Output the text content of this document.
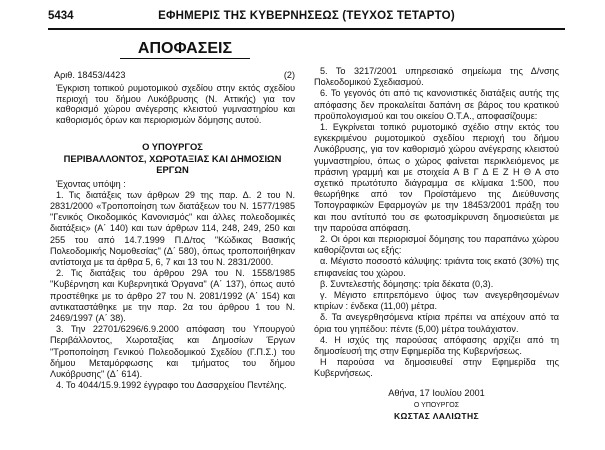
5434	ΕΦΗΜΕΡΙΣ ΤΗΣ ΚΥΒΕΡΝΗΣΕΩΣ (ΤΕΥΧΟΣ ΤΕΤΑΡΤΟ)
ΑΠΟΦΑΣΕΙΣ
Αριθ. 18453/4423	(2)
Έγκριση τοπικού ρυμοτομικού σχεδίου στην εκτός σχεδίου περιοχή του δήμου Λυκόβρυσης (Ν. Αττικής) για τον καθορισμό χώρου ανέγερσης κλειστού γυμναστηρίου και καθορισμός όρων και περιορισμών δόμησης αυτού.
Ο ΥΠΟΥΡΓΟΣ
ΠΕΡΙΒΑΛΛΟΝΤΟΣ, ΧΩΡΟΤΑΞΙΑΣ ΚΑΙ ΔΗΜΟΣΙΩΝ ΕΡΓΩΝ

Έχοντας υπόψη :

1. Τις διατάξεις των άρθρων 29 της παρ. Δ. 2 του Ν. 2831/2000 «Τροποποίηση των διατάξεων του Ν. 1577/1985 "Γενικός Οικοδομικός Κανονισμός" και άλλες πολεοδομικές διατάξεις» (Α΄ 140) και των άρθρων 114, 248, 249, 250 και 255 του από 14.7.1999 Π.Δ/τος "Κώδικας Βασικής Πολεοδομικής Νομοθεσίας" (Δ΄ 580), όπως τροποποιήθηκαν αντίστοιχα με τα άρθρα 5, 6, 7 και 13 του Ν. 2831/2000.

2. Τις διατάξεις του άρθρου 29Α του Ν. 1558/1985 "Κυβέρνηση και Κυβερνητικά Όργανα" (Α΄ 137), όπως αυτό προστέθηκε με το άρθρο 27 του Ν. 2081/1992 (Α΄ 154) και αντικαταστάθηκε με την παρ. 2α του άρθρου 1 του Ν. 2469/1997 (Α΄ 38).

3. Την 22701/6296/6.9.2000 απόφαση του Υπουργού Περιβάλλοντος, Χωροταξίας και Δημοσίων Έργων "Τροποποίηση Γενικού Πολεοδομικού Σχεδίου (Γ.Π.Σ.) του δήμου Μεταμόρφωσης και τμήματος του δήμου Λυκόβρυσης" (Δ΄ 614).

4. Το 4044/15.9.1992 έγγραφο του Δασαρχείου Πεντέλης.

5. Το 3217/2001 υπηρεσιακό σημείωμα της Δ/νσης Πολεοδομικού Σχεδιασμού.

6. Το γεγονός ότι από τις κανονιστικές διατάξεις αυτής της απόφασης δεν προκαλείται δαπάνη σε βάρος του κρατικού προϋπολογισμού και του οικείου Ο.Τ.Α., αποφασίζουμε:

1. Εγκρίνεται τοπικό ρυμοτομικό σχέδιο στην εκτός του εγκεκριμένου ρυμοτομικού σχεδίου περιοχή του δήμου Λυκόβρυσης, για τον καθορισμό χώρου ανέγερσης κλειστού γυμναστηρίου, όπως ο χώρος φαίνεται περικλειόμενος με πράσινη γραμμή και με στοιχεία Α Β Γ Δ Ε Ζ Η Θ Α στο σχετικό πρωτότυπο διάγραμμα σε κλίμακα 1:500, που θεωρήθηκε από τον Προϊστάμενο της Διεύθυνσης Τοπογραφικών Εφαρμογών με την 18453/2001 πράξη του και που αντίτυπό του σε φωτοσμίκρυνση δημοσιεύεται με την παρούσα απόφαση.

2. Οι όροι και περιορισμοί δόμησης του παραπάνω χώρου καθορίζονται ως εξής:

α. Μέγιστο ποσοστό κάλυψης: τριάντα τοις εκατό (30%) της επιφανείας του χώρου.

β. Συντελεστής δόμησης: τρία δέκατα (0,3).

γ. Μέγιστο επιτρεπόμενο ύψος των ανεγερθησομένων κτιρίων : ένδεκα (11,00) μέτρα.

δ. Τα ανεγερθησόμενα κτίρια πρέπει να απέχουν από τα όρια του γηπέδου: πέντε (5,00) μέτρα τουλάχιστον.

4. Η ισχύς της παρούσας απόφασης αρχίζει από τη δημοσίευσή της στην Εφημερίδα της Κυβερνήσεως.

Η παρούσα να δημοσιευθεί στην Εφημερίδα της Κυβερνήσεως.

Αθήνα, 17 Ιουλίου 2001
Ο ΥΠΟΥΡΓΟΣ
ΚΩΣΤΑΣ ΛΑΛΙΩΤΗΣ
